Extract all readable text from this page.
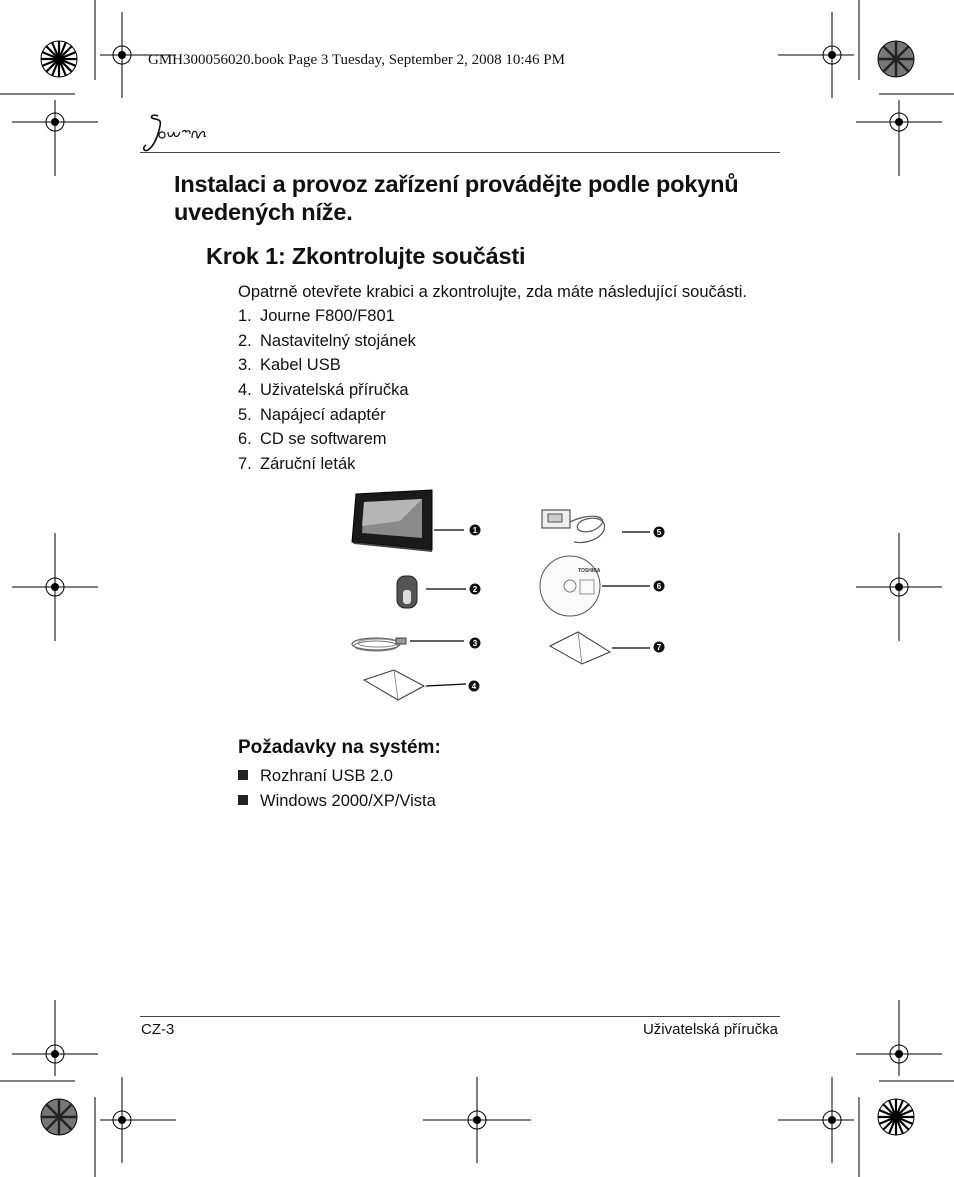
GMH300056020.book Page 3 Tuesday, September 2, 2008 10:46 PM
Instalaci a provoz zařízení provádějte podle pokynů uvedených níže.
Krok 1: Zkontrolujte součásti
Opatrně otevřete krabici a zkontrolujte, zda máte následující součásti.
1. Journe F800/F801
2. Nastavitelný stojánek
3. Kabel USB
4. Uživatelská příručka
5. Napájecí adaptér
6. CD se softwarem
7. Záruční leták
TOSHIBA
1
2
3
4
5
6
7
Požadavky na systém:
Rozhraní USB 2.0
Windows 2000/XP/Vista
CZ-3	Uživatelská příručka
